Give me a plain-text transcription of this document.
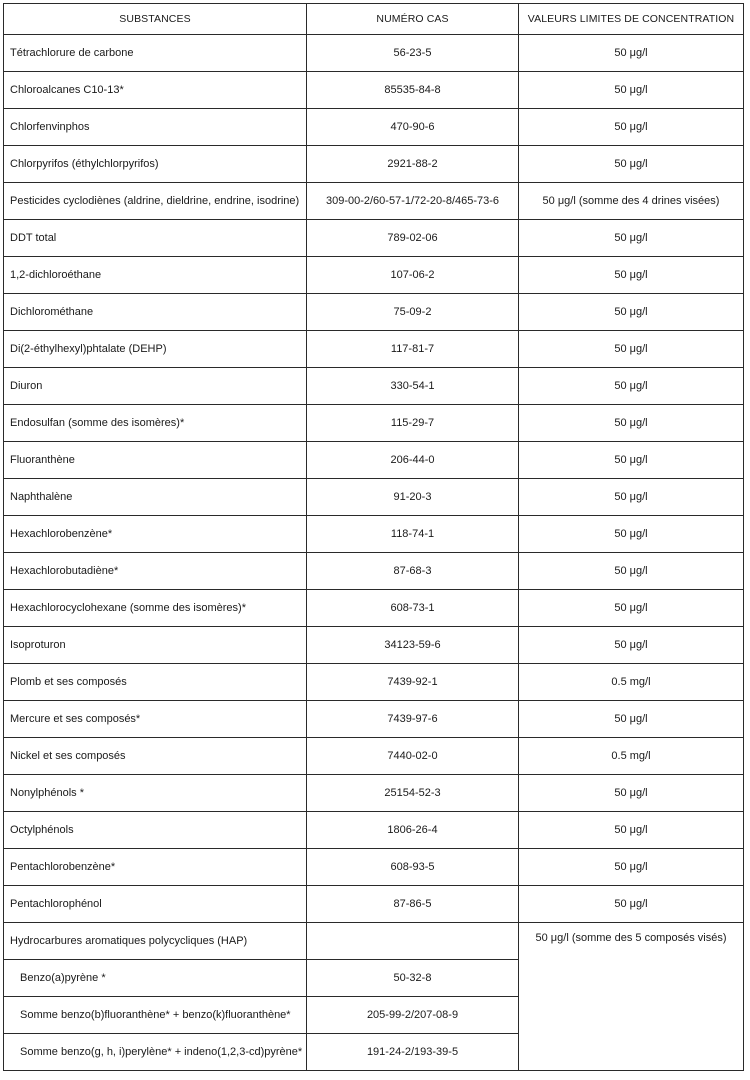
SUBSTANCES	NUMÉRO CAS	VALEURS LIMITES DE CONCENTRATION
Tétrachlorure de carbone	56-23-5	50 μg/l
Chloroalcanes C10-13*	85535-84-8	50 μg/l
Chlorfenvinphos	470-90-6	50 μg/l
Chlorpyrifos (éthylchlorpyrifos)	2921-88-2	50 μg/l
Pesticides cyclodiènes (aldrine, dieldrine, endrine, isodrine)	309-00-2/60-57-1/72-20-8/465-73-6	50 μg/l (somme des 4 drines visées)
DDT total	789-02-06	50 μg/l
1,2-dichloroéthane	107-06-2	50 μg/l
Dichlorométhane	75-09-2	50 μg/l
Di(2-éthylhexyl)phtalate (DEHP)	117-81-7	50 μg/l
Diuron	330-54-1	50 μg/l
Endosulfan (somme des isomères)*	115-29-7	50 μg/l
Fluoranthène	206-44-0	50 μg/l
Naphthalène	91-20-3	50 μg/l
Hexachlorobenzène*	118-74-1	50 μg/l
Hexachlorobutadiène*	87-68-3	50 μg/l
Hexachlorocyclohexane (somme des isomères)*	608-73-1	50 μg/l
Isoproturon	34123-59-6	50 μg/l
Plomb et ses composés	7439-92-1	0.5 mg/l
Mercure et ses composés*	7439-97-6	50 μg/l
Nickel et ses composés	7440-02-0	0.5 mg/l
Nonylphénols *	25154-52-3	50 μg/l
Octylphénols	1806-26-4	50 μg/l
Pentachlorobenzène*	608-93-5	50 μg/l
Pentachlorophénol	87-86-5	50 μg/l
Hydrocarbures aromatiques polycycliques (HAP)		50 μg/l (somme des 5 composés visés)
Benzo(a)pyrène *	50-32-8	
Somme benzo(b)fluoranthène* + benzo(k)fluoranthène*	205-99-2/207-08-9	
Somme benzo(g, h, i)perylène* + indeno(1,2,3-cd)pyrène*	191-24-2/193-39-5	
